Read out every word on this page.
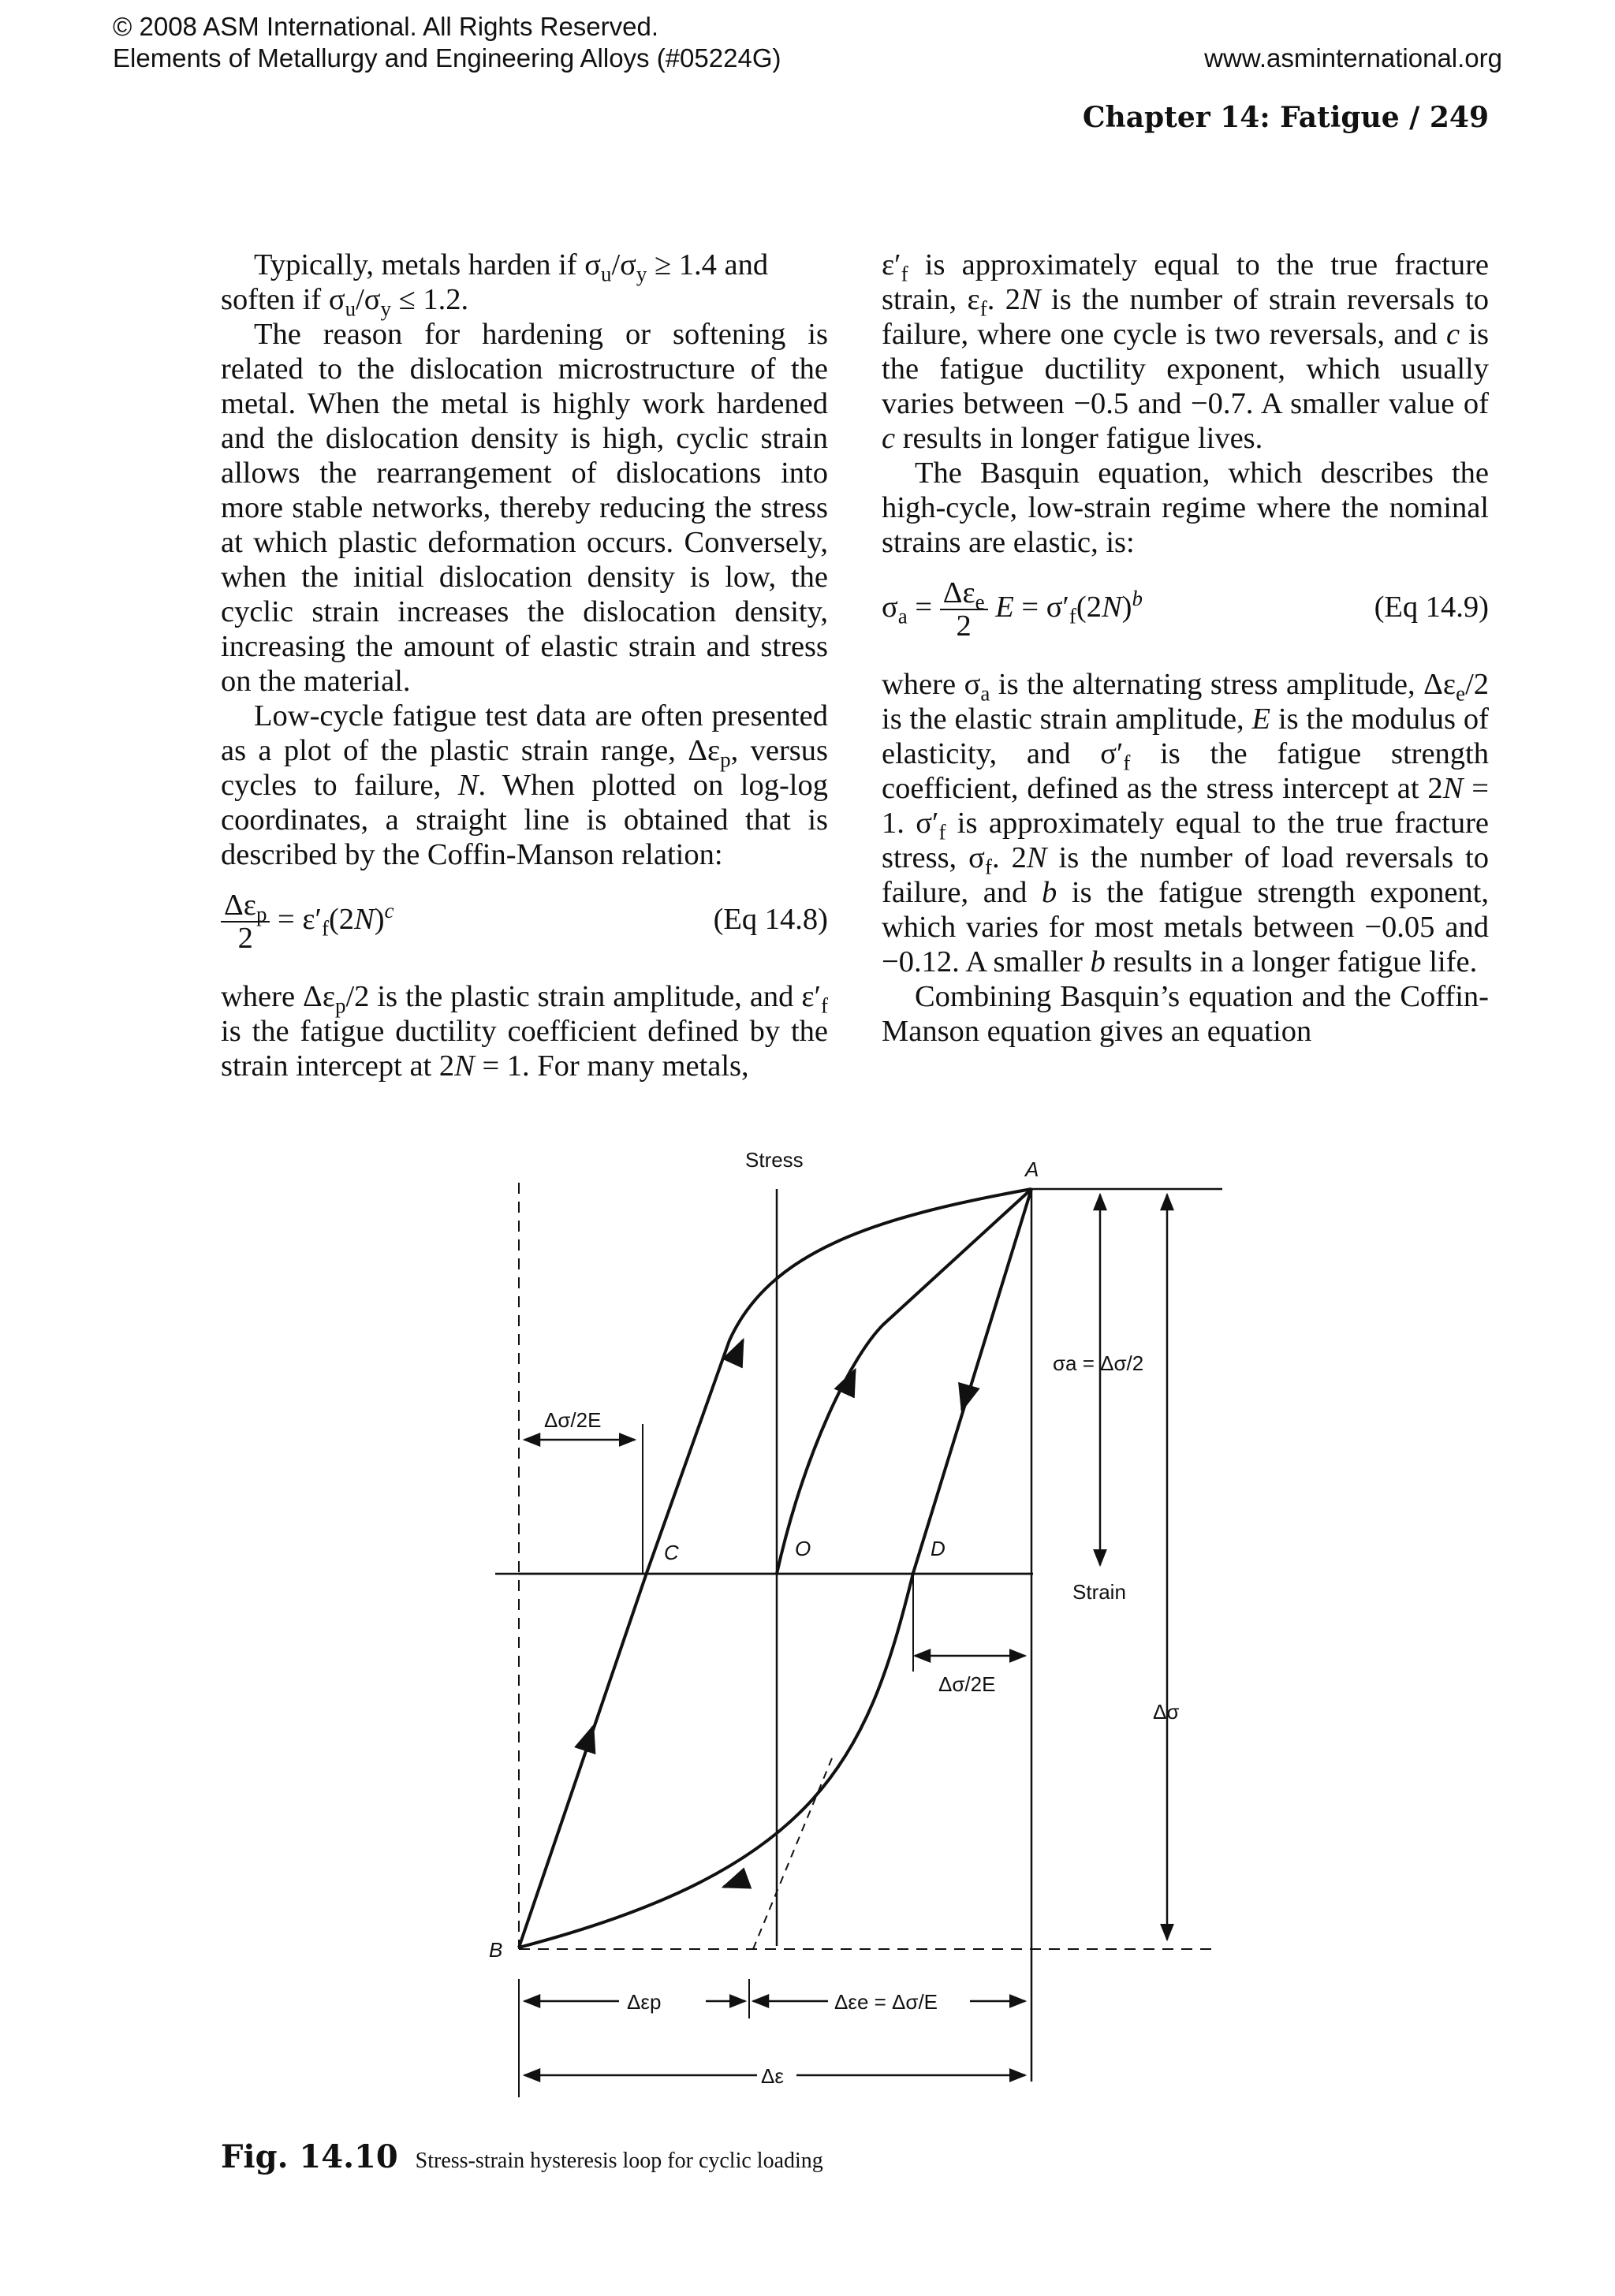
© 2008 ASM International. All Rights Reserved.
Elements of Metallurgy and Engineering Alloys (#05224G)	www.asminternational.org
Chapter 14: Fatigue / 249

Typically, metals harden if $\sigma_u/\sigma_y \ge 1.4$ and

soften if $\sigma_u/\sigma_y \le 1.2$.

The reason for hardening or softening is related to the dislocation microstructure of the metal. When the metal is highly work hardened and the dislocation density is high, cyclic strain allows the rearrangement of dislocations into more stable networks, thereby reducing the stress at which plastic deformation occurs. Conversely, when the initial dislocation density is low, the cyclic strain increases the dislocation density, increasing the amount of elastic strain and stress on the material.

Low-cycle fatigue test data are often presented as a plot of the plastic strain range, $\Delta\varepsilon_p$, versus cycles to failure, N. When plotted on log-log coordinates, a straight line is obtained that is described by the Coffin-Manson relation:

$\frac{\Delta\varepsilon_p}{2} = \varepsilon'_f(2N)^c$	(Eq 14.8)

where $\Delta\varepsilon_p/2$ is the plastic strain amplitude, and $\varepsilon'_f$ is the fatigue ductility coefficient defined by the strain intercept at 2N = 1. For many metals,

$\varepsilon'_f$ is approximately equal to the true fracture strain, $\varepsilon_f$. 2N is the number of strain reversals to failure, where one cycle is two reversals, and c is the fatigue ductility exponent, which usually varies between −0.5 and −0.7. A smaller value of c results in longer fatigue lives.

The Basquin equation, which describes the high-cycle, low-strain regime where the nominal strains are elastic, is:

$\sigma_a = \frac{\Delta\varepsilon_e}{2}$ $E = \sigma'_f(2N)^b$	(Eq 14.9)

where $\sigma_a$ is the alternating stress amplitude, $\Delta\varepsilon_e/2$ is the elastic strain amplitude, E is the modulus of elasticity, and $\sigma'_f$ is the fatigue strength coefficient, defined as the stress intercept at 2N = 1. $\sigma'_f$ is approximately equal to the true fracture stress, $\sigma_f$. 2N is the number of load reversals to failure, and b is the fatigue strength exponent, which varies for most metals between −0.05 and −0.12. A smaller b results in a longer fatigue life.

Combining Basquin’s equation and the Coffin-Manson equation gives an equation

Stress
Strain
A
B
C	D
O
σa = Δσ/2
Δσ/2E
Δσ/2E
Δσ
Δεp	Δεe = Δσ/E
Δε
Fig. 14.10 Stress-strain hysteresis loop for cyclic loading
